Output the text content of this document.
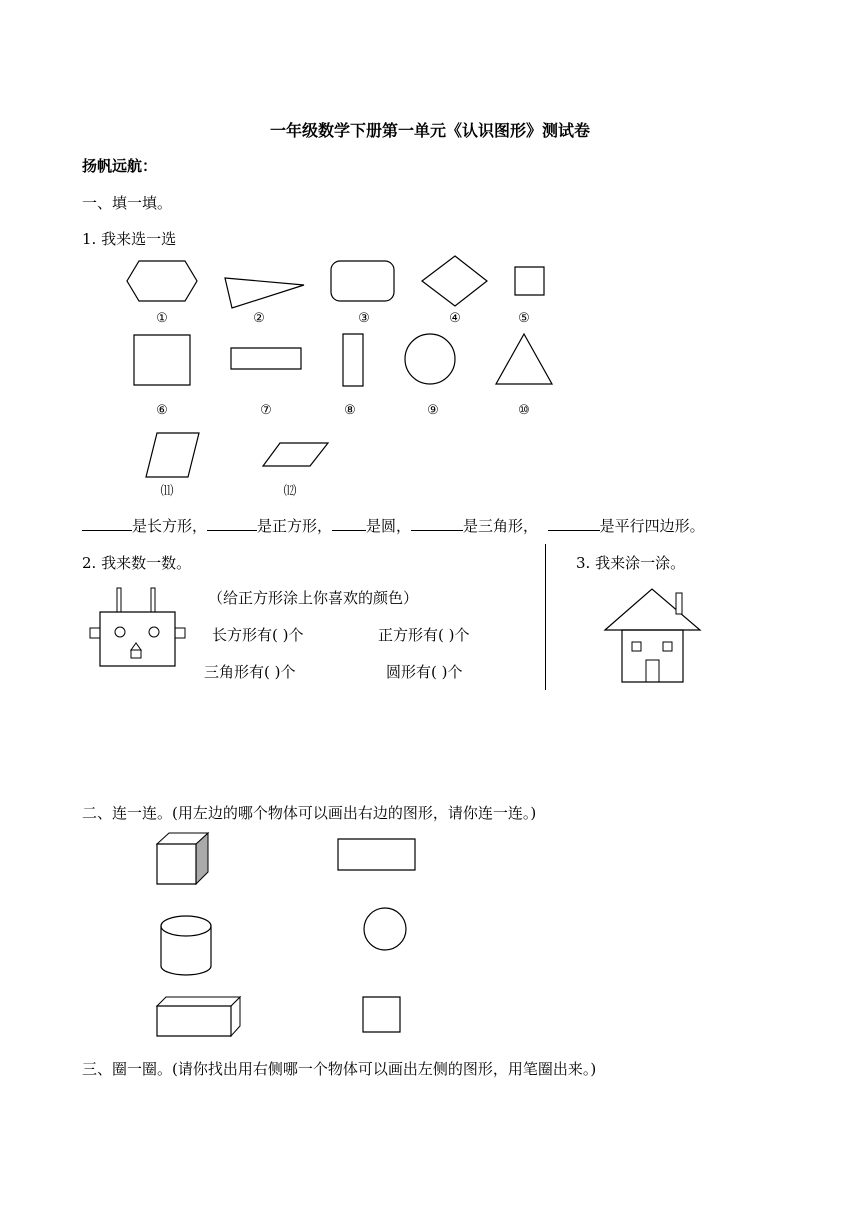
一年级数学下册第一单元《认识图形》测试卷
扬帆远航：
一、填一填。
1. 我来选一选
①	②	③	④	⑤
⑥	⑦	⑧	⑨	⑩
⑾	⑿
是长方形，	是正方形， 是圆，	是三角形，	是平行四边形。
2. 我来数一数。
（给正方形涂上你喜欢的颜色）
长方形有( )个	正方形有( )个
三角形有( )个	圆形有( )个
3. 我来涂一涂。
二、连一连。(用左边的哪个物体可以画出右边的图形，请你连一连。)
三、圈一圈。(请你找出用右侧哪一个物体可以画出左侧的图形，用笔圈出来。)
